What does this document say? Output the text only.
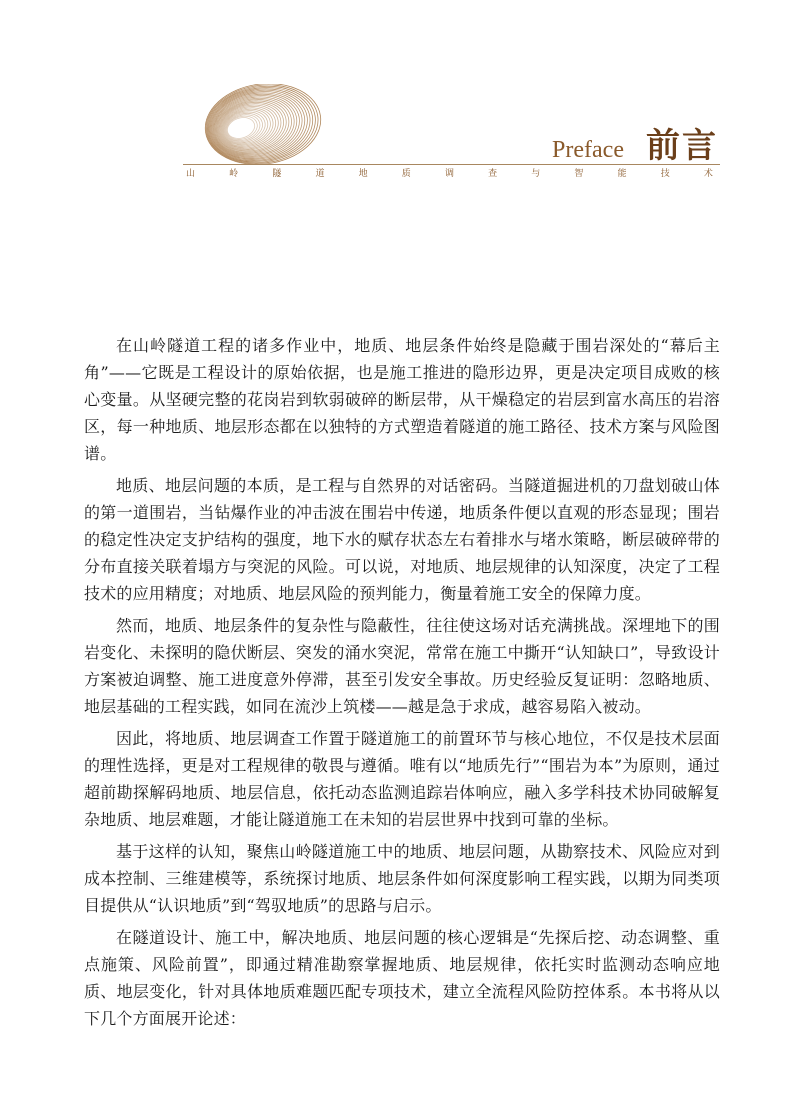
Preface 前言
山	岭	隧	道	地	质	调	查	与	智	能	技	术

在山岭隧道工程的诸多作业中，地质、地层条件始终是隐藏于围岩深处的“幕后主角”——它既是工程设计的原始依据，也是施工推进的隐形边界，更是决定项目成败的核心变量。从坚硬完整的花岗岩到软弱破碎的断层带，从干燥稳定的岩层到富水高压的岩溶区，每一种地质、地层形态都在以独特的方式塑造着隧道的施工路径、技术方案与风险图谱。

地质、地层问题的本质，是工程与自然界的对话密码。当隧道掘进机的刀盘划破山体的第一道围岩，当钻爆作业的冲击波在围岩中传递，地质条件便以直观的形态显现；围岩的稳定性决定支护结构的强度，地下水的赋存状态左右着排水与堵水策略，断层破碎带的分布直接关联着塌方与突泥的风险。可以说，对地质、地层规律的认知深度，决定了工程技术的应用精度；对地质、地层风险的预判能力，衡量着施工安全的保障力度。

然而，地质、地层条件的复杂性与隐蔽性，往往使这场对话充满挑战。深埋地下的围岩变化、未探明的隐伏断层、突发的涌水突泥，常常在施工中撕开“认知缺口”，导致设计方案被迫调整、施工进度意外停滞，甚至引发安全事故。历史经验反复证明：忽略地质、地层基础的工程实践，如同在流沙上筑楼——越是急于求成，越容易陷入被动。

因此，将地质、地层调查工作置于隧道施工的前置环节与核心地位，不仅是技术层面的理性选择，更是对工程规律的敬畏与遵循。唯有以“地质先行”“围岩为本”为原则，通过超前勘探解码地质、地层信息，依托动态监测追踪岩体响应，融入多学科技术协同破解复杂地质、地层难题，才能让隧道施工在未知的岩层世界中找到可靠的坐标。

基于这样的认知，聚焦山岭隧道施工中的地质、地层问题，从勘察技术、风险应对到成本控制、三维建模等，系统探讨地质、地层条件如何深度影响工程实践，以期为同类项目提供从“认识地质”到“驾驭地质”的思路与启示。

在隧道设计、施工中，解决地质、地层问题的核心逻辑是“先探后挖、动态调整、重点施策、风险前置”，即通过精准勘察掌握地质、地层规律，依托实时监测动态响应地质、地层变化，针对具体地质难题匹配专项技术，建立全流程风险防控体系。本书将从以下几个方面展开论述：
